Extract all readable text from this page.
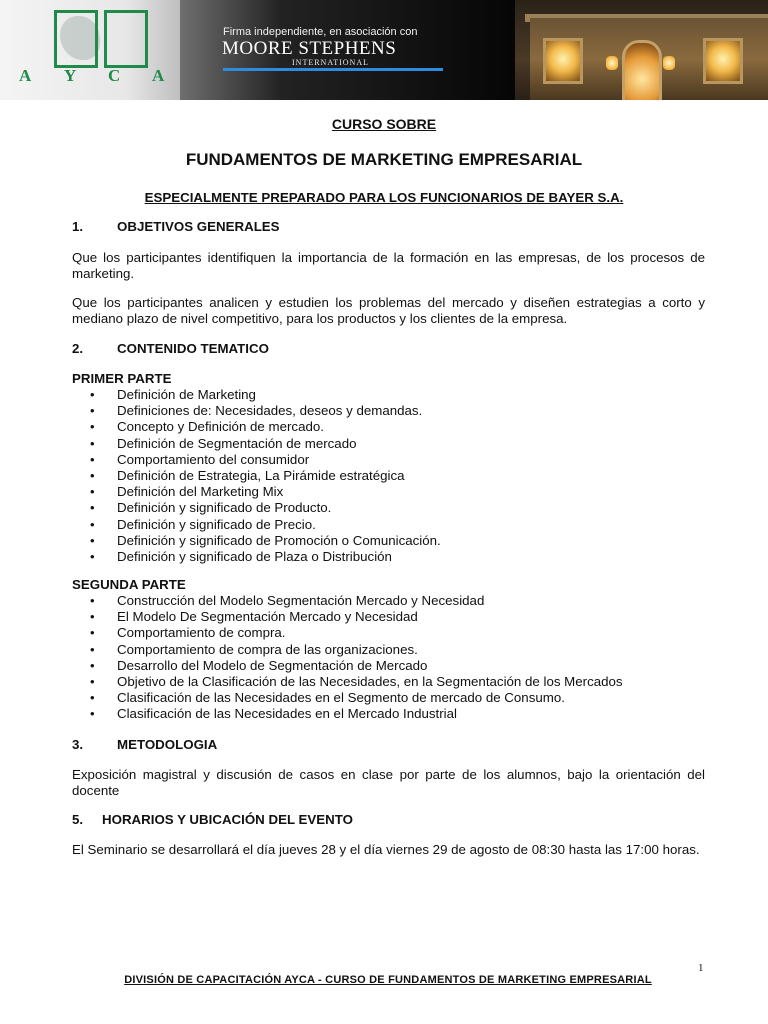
A Y C A
Firma independiente, en asociación con
MOORE STEPHENS
INTERNATIONAL
CURSO SOBRE
FUNDAMENTOS DE MARKETING EMPRESARIAL
ESPECIALMENTE PREPARADO PARA LOS FUNCIONARIOS DE BAYER S.A.
1.	OBJETIVOS GENERALES
Que los participantes identifiquen la importancia de la formación en las empresas, de los procesos de marketing.
Que los participantes analicen y estudien los problemas del mercado y diseñen estrategias a corto y mediano plazo de nivel competitivo, para los productos y los clientes de la empresa.
2.	CONTENIDO TEMATICO
PRIMER PARTE
• Definición de Marketing
• Definiciones de: Necesidades, deseos y demandas.
• Concepto y Definición de mercado.
• Definición de Segmentación de mercado
• Comportamiento del consumidor
• Definición de Estrategia, La Pirámide estratégica
• Definición del Marketing Mix
• Definición y significado de Producto.
• Definición y significado de Precio.
• Definición y significado de Promoción o Comunicación.
• Definición y significado de Plaza o Distribución
SEGUNDA PARTE
• Construcción del Modelo Segmentación Mercado y Necesidad
• El Modelo De Segmentación Mercado y Necesidad
• Comportamiento de compra.
• Comportamiento de compra de las organizaciones.
• Desarrollo del Modelo de Segmentación de Mercado
• Objetivo de la Clasificación de las Necesidades, en la Segmentación de los Mercados
• Clasificación de las Necesidades en el Segmento de mercado de Consumo.
• Clasificación de las Necesidades en el Mercado Industrial
3.	METODOLOGIA
Exposición magistral y discusión de casos en clase por parte de los alumnos, bajo la orientación del docente
5. HORARIOS Y UBICACIÓN DEL EVENTO
El Seminario se desarrollará el día jueves 28 y el día viernes 29 de agosto de 08:30 hasta las 17:00 horas.
1
DIVISIÓN DE CAPACITACIÓN AYCA - CURSO DE FUNDAMENTOS DE MARKETING EMPRESARIAL
